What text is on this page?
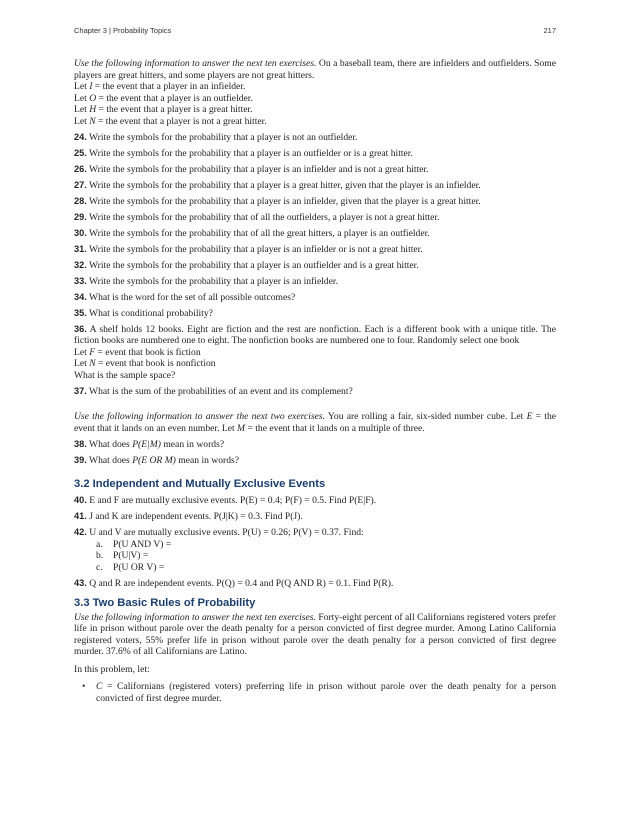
Chapter 3 | Probability Topics	217

Use the following information to answer the next ten exercises. On a baseball team, there are infielders and outfielders. Some players are great hitters, and some players are not great hitters.

Let I = the event that a player in an infielder.

Let O = the event that a player is an outfielder.

Let H = the event that a player is a great hitter.

Let N = the event that a player is not a great hitter.

24. Write the symbols for the probability that a player is not an outfielder.

25. Write the symbols for the probability that a player is an outfielder or is a great hitter.

26. Write the symbols for the probability that a player is an infielder and is not a great hitter.

27. Write the symbols for the probability that a player is a great hitter, given that the player is an infielder.

28. Write the symbols for the probability that a player is an infielder, given that the player is a great hitter.

29. Write the symbols for the probability that of all the outfielders, a player is not a great hitter.

30. Write the symbols for the probability that of all the great hitters, a player is an outfielder.

31. Write the symbols for the probability that a player is an infielder or is not a great hitter.

32. Write the symbols for the probability that a player is an outfielder and is a great hitter.

33. Write the symbols for the probability that a player is an infielder.

34. What is the word for the set of all possible outcomes?

35. What is conditional probability?

36. A shelf holds 12 books. Eight are fiction and the rest are nonfiction. Each is a different book with a unique title. The fiction books are numbered one to eight. The nonfiction books are numbered one to four. Randomly select one book

Let F = event that book is fiction

Let N = event that book is nonfiction

What is the sample space?

37. What is the sum of the probabilities of an event and its complement?

Use the following information to answer the next two exercises. You are rolling a fair, six-sided number cube. Let E = the event that it lands on an even number. Let M = the event that it lands on a multiple of three.

38. What does P(E|M) mean in words?

39. What does P(E OR M) mean in words?

3.2 Independent and Mutually Exclusive Events

40. E and F are mutually exclusive events. P(E) = 0.4; P(F) = 0.5. Find P(E|F).

41. J and K are independent events. P(J|K) = 0.3. Find P(J).

42. U and V are mutually exclusive events. P(U) = 0.26; P(V) = 0.37. Find:

a. P(U AND V) =

b. P(U|V) =

c. P(U OR V) =

43. Q and R are independent events. P(Q) = 0.4 and P(Q AND R) = 0.1. Find P(R).

3.3 Two Basic Rules of Probability

Use the following information to answer the next ten exercises. Forty-eight percent of all Californians registered voters prefer life in prison without parole over the death penalty for a person convicted of first degree murder. Among Latino California registered voters, 55% prefer life in prison without parole over the death penalty for a person convicted of first degree murder. 37.6% of all Californians are Latino.

In this problem, let:

• C = Californians (registered voters) preferring life in prison without parole over the death penalty for a person convicted of first degree murder.
